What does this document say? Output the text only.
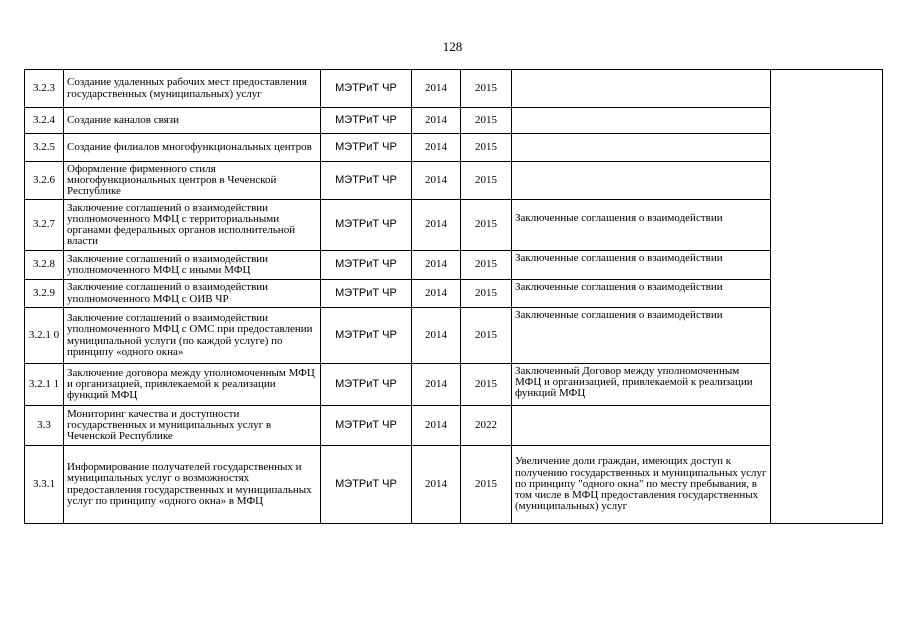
128
3.2.3	Создание удаленных рабочих мест предоставления государственных (муниципальных) услуг	МЭТРиТ ЧР	2014	2015		
3.2.4	Создание каналов связи	МЭТРиТ ЧР	2014	2015		
3.2.5	Создание филиалов многофункциональных центров	МЭТРиТ ЧР	2014	2015		
3.2.6	Оформление фирменного стиля многофункциональных центров в Чеченской Республике	МЭТРиТ ЧР	2014	2015		
3.2.7	Заключение соглашений о взаимодействии уполномоченного МФЦ с территориальными органами федеральных органов исполнительной власти	МЭТРиТ ЧР	2014	2015	Заключенные соглашения о взаимодействии	
3.2.8	Заключение соглашений о взаимодействии уполномоченного МФЦ с иными МФЦ	МЭТРиТ ЧР	2014	2015	Заключенные соглашения о взаимодействии	
3.2.9	Заключение соглашений о взаимодействии уполномоченного МФЦ с ОИВ ЧР	МЭТРиТ ЧР	2014	2015	Заключенные соглашения о взаимодействии	
3.2.1 0	Заключение соглашений о взаимодействии уполномоченного МФЦ с ОМС при предоставлении муниципальной услуги (по каждой услуге) по принципу «одного окна»	МЭТРиТ ЧР	2014	2015	Заключенные соглашения о взаимодействии	
3.2.1 1	Заключение договора между уполномоченным МФЦ и организацией, привлекаемой к реализации функций МФЦ	МЭТРиТ ЧР	2014	2015	Заключенный Договор между уполномоченным МФЦ и организацией, привлекаемой к реализации функций МФЦ	
3.3	Мониторинг качества и доступности государственных и муниципальных услуг в Чеченской Республике	МЭТРиТ ЧР	2014	2022		
3.3.1	Информирование получателей государственных и муниципальных услуг о возможностях предоставления государственных и муниципальных услуг по принципу «одного окна» в МФЦ	МЭТРиТ ЧР	2014	2015	Увеличение доли граждан, имеющих доступ к получению государственных и муниципальных услуг по принципу "одного окна" по месту пребывания, в том числе в МФЦ предоставления государственных (муниципальных) услуг	
